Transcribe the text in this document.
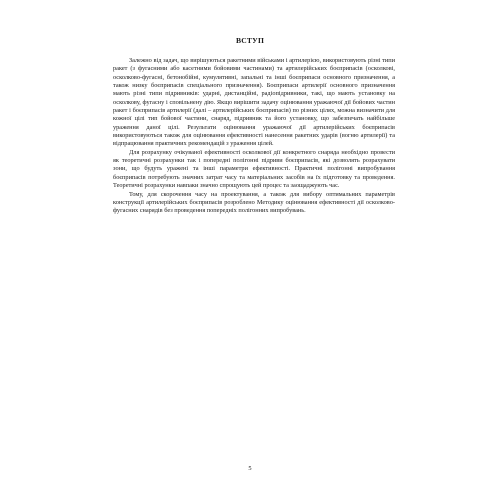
ВСТУП

Залежно від задач, що вирішуються ракетними військами і артилерією, використовують різні типи ракет (з фугасними або касетними бойовими частинами) та артилерійських боєприпасів (осколкові, осколково-фугасні, бетонобійні, кумулятивні, запальні та інші боєприпаси основного призначення, а також низку боєприпасів спеціального призначення). Боєприпаси артилерії основного призначення мають різні типи підривників: ударні, дистанційні, радіопідривники, такі, що мають установку на осколкову, фугасну і сповільнену дію. Якщо вирішити задачу оцінювання уражаючої дії бойових частин ракет і боєприпасів артилерії (далі – артилерійських боєприпасів) по різних цілях, можна визначити для кожної цілі тип бойової частини, снаряд, підривник та його установку, що забезпечать найбільше ураження даної цілі. Результати оцінювання уражаючої дії артилерійських боєприпасів використовуються також для оцінювання ефективності нанесення ракетних ударів (вогню артилерії) та відпрацювання практичних рекомендацій з ураження цілей.

Для розрахунку очікуваної ефективності осколкової дії конкретного снаряда необхідно провести як теоретичні розрахунки так і попередні полігонні підриви боєприпасів, які дозволять розрахувати зони, що будуть уражені та інші параметри ефективності. Практичні полігонні випробування боєприпасів потребують значних затрат часу та матеріальних засобів на їх підготовку та проведення. Теоретичні розрахунки навпаки значно спрощують цей процес та заощаджують час.

Тому, для скорочення часу на проектування, а також для вибору оптимальних параметрів конструкції артилерійських боєприпасів розроблено Методику оцінювання ефективності дії осколково-фугасних снарядів без проведення попередніх полігонних випробувань.

5
